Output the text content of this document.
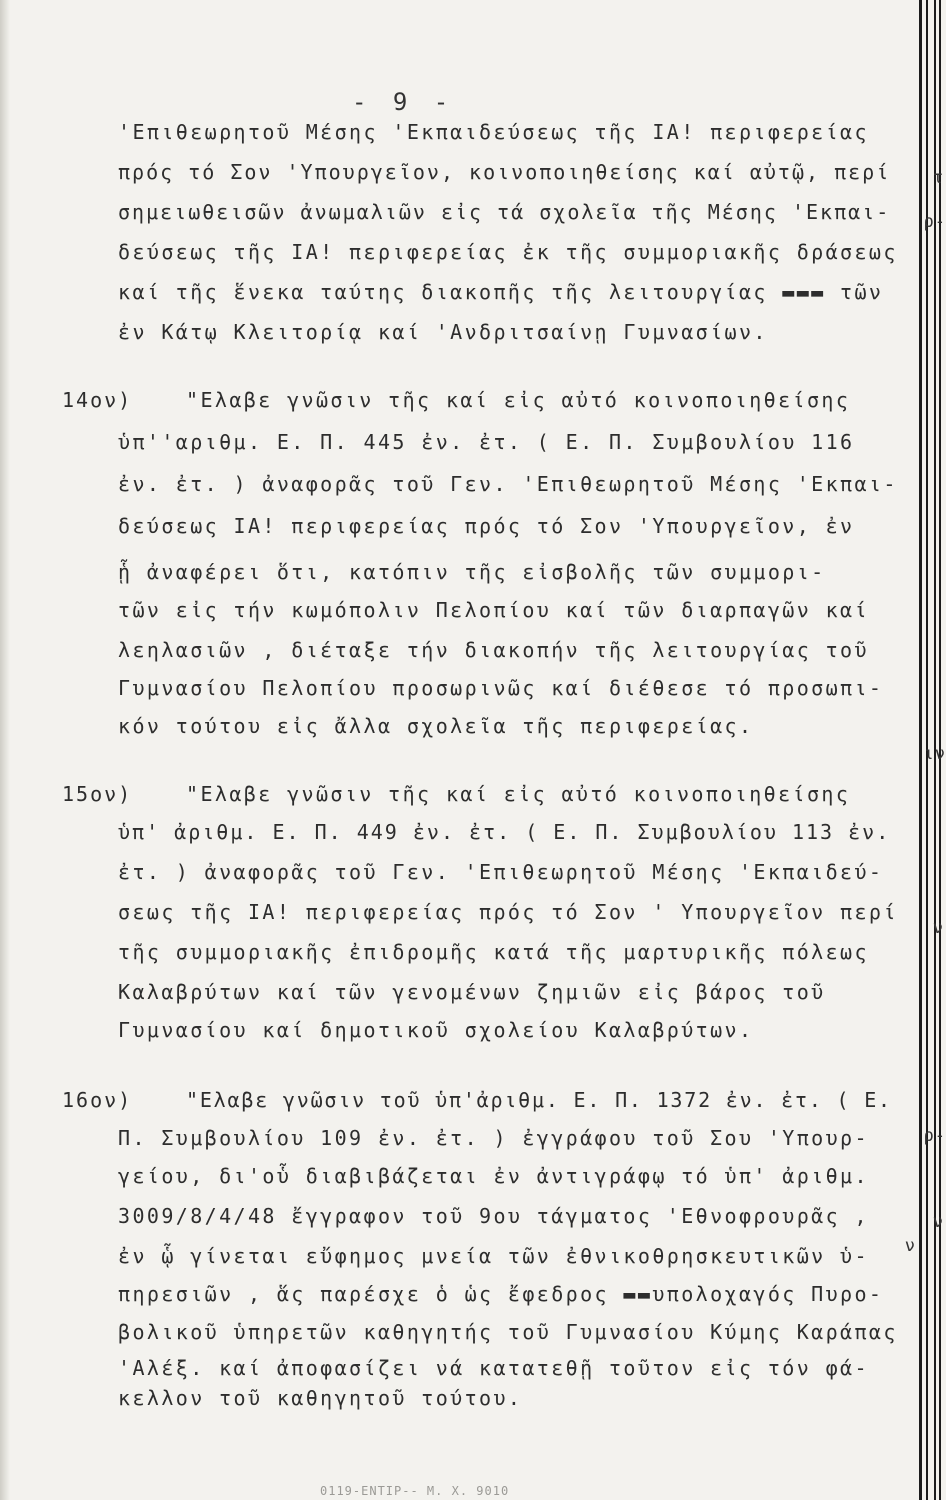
τ
ρ-
ιν
ν
ρ-
ν
ν
- 9 -
'Επιθεωρητοῦ Μέσης 'Εκπαιδεύσεως τῆς ΙΑ! περιφερείας
πρός τό Σον 'Υπουργεῖον, κοινοποιηθείσης καί αὐτῷ, περί
σημειωθεισῶν ἀνωμαλιῶν εἰς τά σχολεῖα τῆς Μέσης 'Εκπαι-
δεύσεως τῆς ΙΑ! περιφερείας ἐκ τῆς συμμοριακῆς δράσεως
καί τῆς ἕνεκα ταύτης διακοπῆς τῆς λειτουργίας ▬▬▬ τῶν
ἐν Κάτῳ Κλειτορίᾳ καί 'Ανδριτσαίνῃ Γυμνασίων.
14ον)	"Ελαβε γνῶσιν τῆς καί εἰς αὐτό κοινοποιηθείσης
ὑπ''αριθμ. Ε. Π. 445 ἐν. ἐτ. ( Ε. Π. Συμβουλίου 116
ἐν. ἐτ. ) ἀναφορᾶς τοῦ Γεν. 'Επιθεωρητοῦ Μέσης 'Εκπαι-
δεύσεως ΙΑ! περιφερείας πρός τό Σον 'Υπουργεῖον, ἐν
ᾗ ἀναφέρει ὅτι, κατόπιν τῆς εἰσβολῆς τῶν συμμορι-
τῶν εἰς τήν κωμόπολιν Πελοπίου καί τῶν διαρπαγῶν καί
λεηλασιῶν , διέταξε τήν διακοπήν τῆς λειτουργίας τοῦ
Γυμνασίου Πελοπίου προσωρινῶς καί διέθεσε τό προσωπι-
κόν τούτου εἰς ἄλλα σχολεῖα τῆς περιφερείας.
15ον)	"Ελαβε γνῶσιν τῆς καί εἰς αὐτό κοινοποιηθείσης
ὑπ' ἀριθμ. Ε. Π. 449 ἐν. ἐτ. ( Ε. Π. Συμβουλίου 113 ἐν.
ἐτ. ) ἀναφορᾶς τοῦ Γεν. 'Επιθεωρητοῦ Μέσης 'Εκπαιδεύ-
σεως τῆς ΙΑ! περιφερείας πρός τό Σον ' Υπουργεῖον περί
τῆς συμμοριακῆς ἐπιδρομῆς κατά τῆς μαρτυρικῆς πόλεως
Καλαβρύτων καί τῶν γενομένων ζημιῶν εἰς βάρος τοῦ
Γυμνασίου καί δημοτικοῦ σχολείου Καλαβρύτων.
16ον)	"Ελαβε γνῶσιν τοῦ ὑπ'ἀριθμ. Ε. Π. 1372 ἐν. ἐτ. ( Ε.
Π. Συμβουλίου 109 ἐν. ἐτ. ) ἐγγράφου τοῦ Σου 'Υπουρ-
γείου, δι'οὗ διαβιβάζεται ἐν ἀντιγράφῳ τό ὑπ' ἀριθμ.
3009/8/4/48 ἔγγραφον τοῦ 9ου τάγματος 'Εθνοφρουρᾶς ,
ἐν ᾧ γίνεται εὔφημος μνεία τῶν ἐθνικοθρησκευτικῶν ὑ-
πηρεσιῶν , ἅς παρέσχε ὁ ὡς ἔφεδρος ▬▬υπολοχαγός Πυρο-
βολικοῦ ὑπηρετῶν καθηγητής τοῦ Γυμνασίου Κύμης Καράπας
'Αλέξ. καί ἀποφασίζει νά κατατεθῇ τοῦτον εἰς τόν φά-
κελλον τοῦ καθηγητοῦ τούτου.
0119-ENTIP-- M. X. 9010
